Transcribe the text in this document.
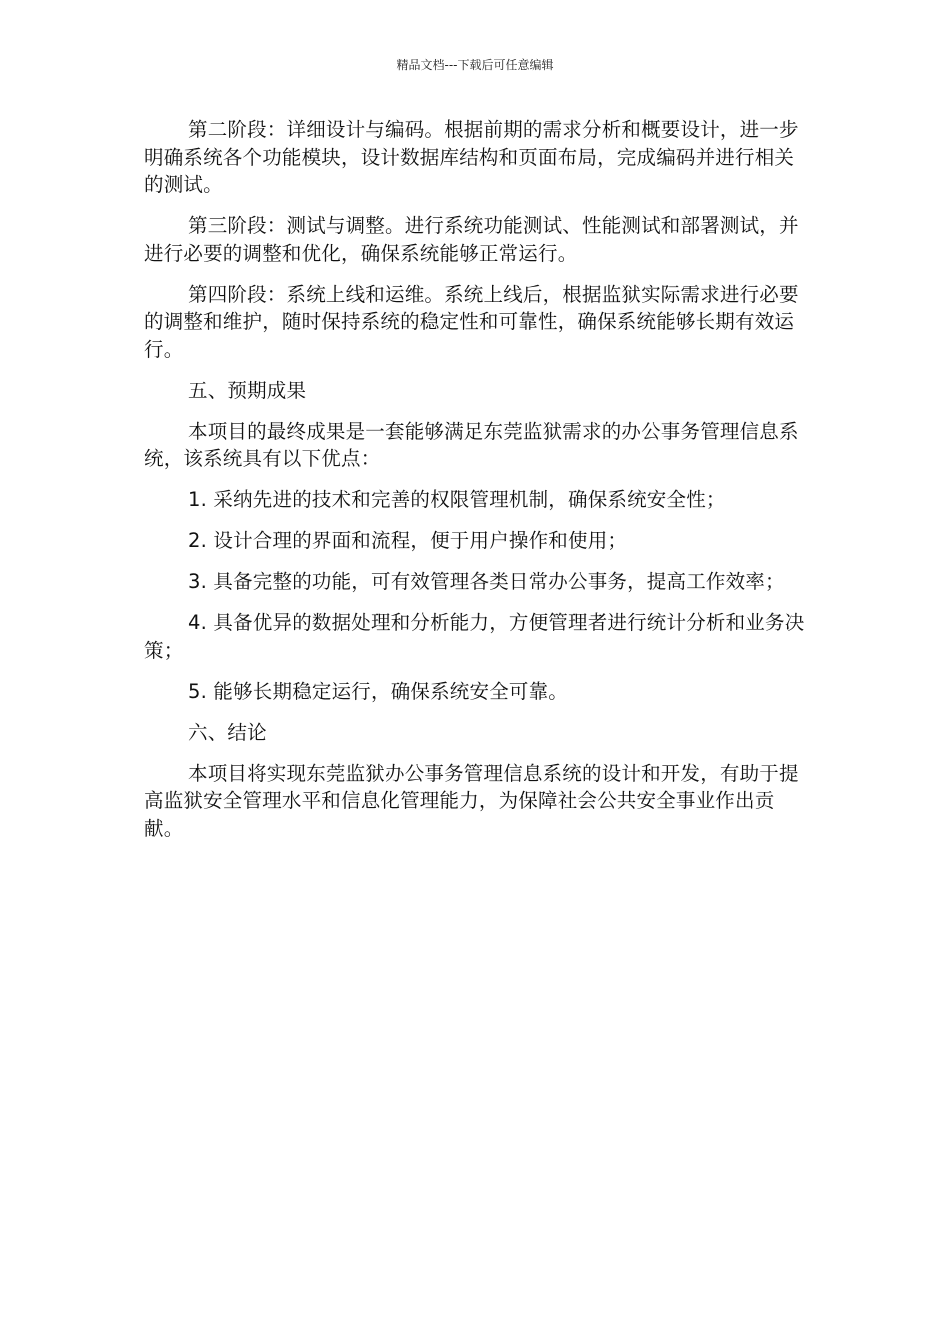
精品文档---下载后可任意编辑

第二阶段：详细设计与编码。根据前期的需求分析和概要设计，进一步明确系统各个功能模块，设计数据库结构和页面布局，完成编码并进行相关的测试。

第三阶段：测试与调整。进行系统功能测试、性能测试和部署测试，并进行必要的调整和优化，确保系统能够正常运行。

第四阶段：系统上线和运维。系统上线后，根据监狱实际需求进行必要的调整和维护，随时保持系统的稳定性和可靠性，确保系统能够长期有效运行。

五、预期成果

本项目的最终成果是一套能够满足东莞监狱需求的办公事务管理信息系统，该系统具有以下优点：

1. 采纳先进的技术和完善的权限管理机制，确保系统安全性；

2. 设计合理的界面和流程，便于用户操作和使用；

3. 具备完整的功能，可有效管理各类日常办公事务，提高工作效率；

4. 具备优异的数据处理和分析能力，方便管理者进行统计分析和业务决策；

5. 能够长期稳定运行，确保系统安全可靠。

六、结论

本项目将实现东莞监狱办公事务管理信息系统的设计和开发，有助于提高监狱安全管理水平和信息化管理能力，为保障社会公共安全事业作出贡献。
